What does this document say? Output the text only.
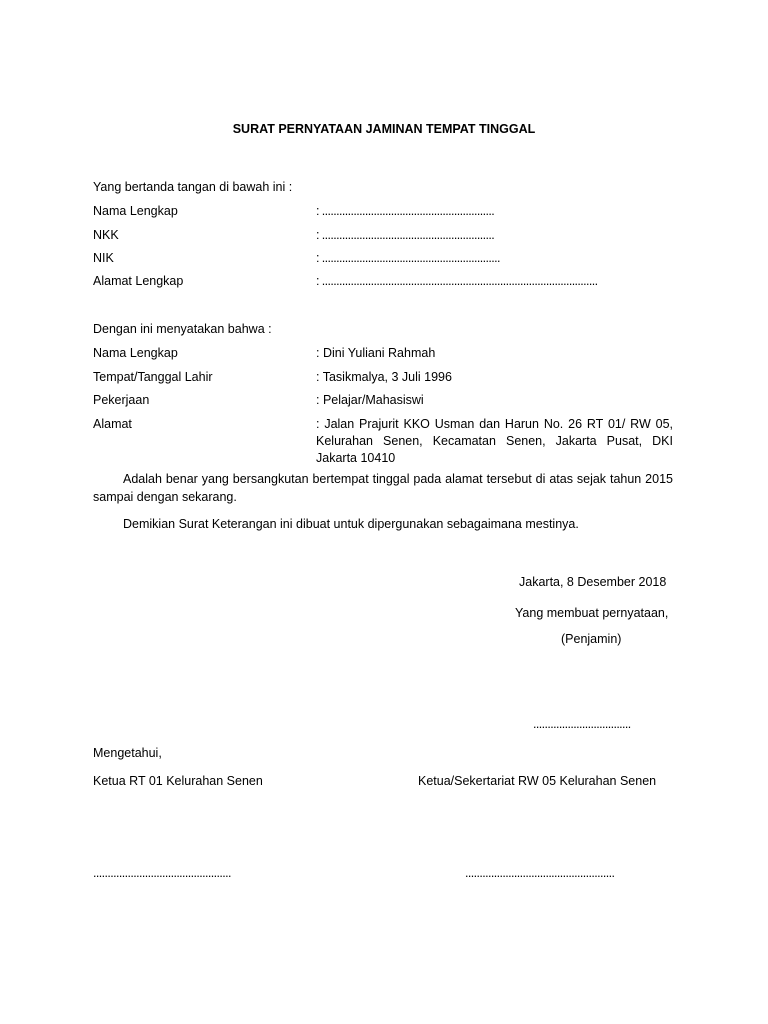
SURAT PERNYATAAN JAMINAN TEMPAT TINGGAL
Yang bertanda tangan di bawah ini :
Nama Lengkap	: ............................................................
NKK	: ............................................................
NIK	: ..............................................................
Alamat Lengkap	: ................................................................................................
Dengan ini menyatakan bahwa :
Nama Lengkap	: Dini Yuliani Rahmah
Tempat/Tanggal Lahir	: Tasikmalya, 3 Juli 1996
Pekerjaan	: Pelajar/Mahasiswi
Alamat	: Jalan Prajurit KKO Usman dan Harun No. 26 RT 01/ RW 05, Kelurahan Senen, Kecamatan Senen, Jakarta Pusat, DKI Jakarta 10410
Adalah benar yang bersangkutan bertempat tinggal pada alamat tersebut di atas sejak tahun 2015 sampai dengan sekarang.
Demikian Surat Keterangan ini dibuat untuk dipergunakan sebagaimana mestinya.
Jakarta, 8 Desember 2018
Yang membuat pernyataan,
(Penjamin)
..................................
Mengetahui,
Ketua RT 01 Kelurahan Senen	Ketua/Sekertariat RW 05 Kelurahan Senen
................................................	....................................................
